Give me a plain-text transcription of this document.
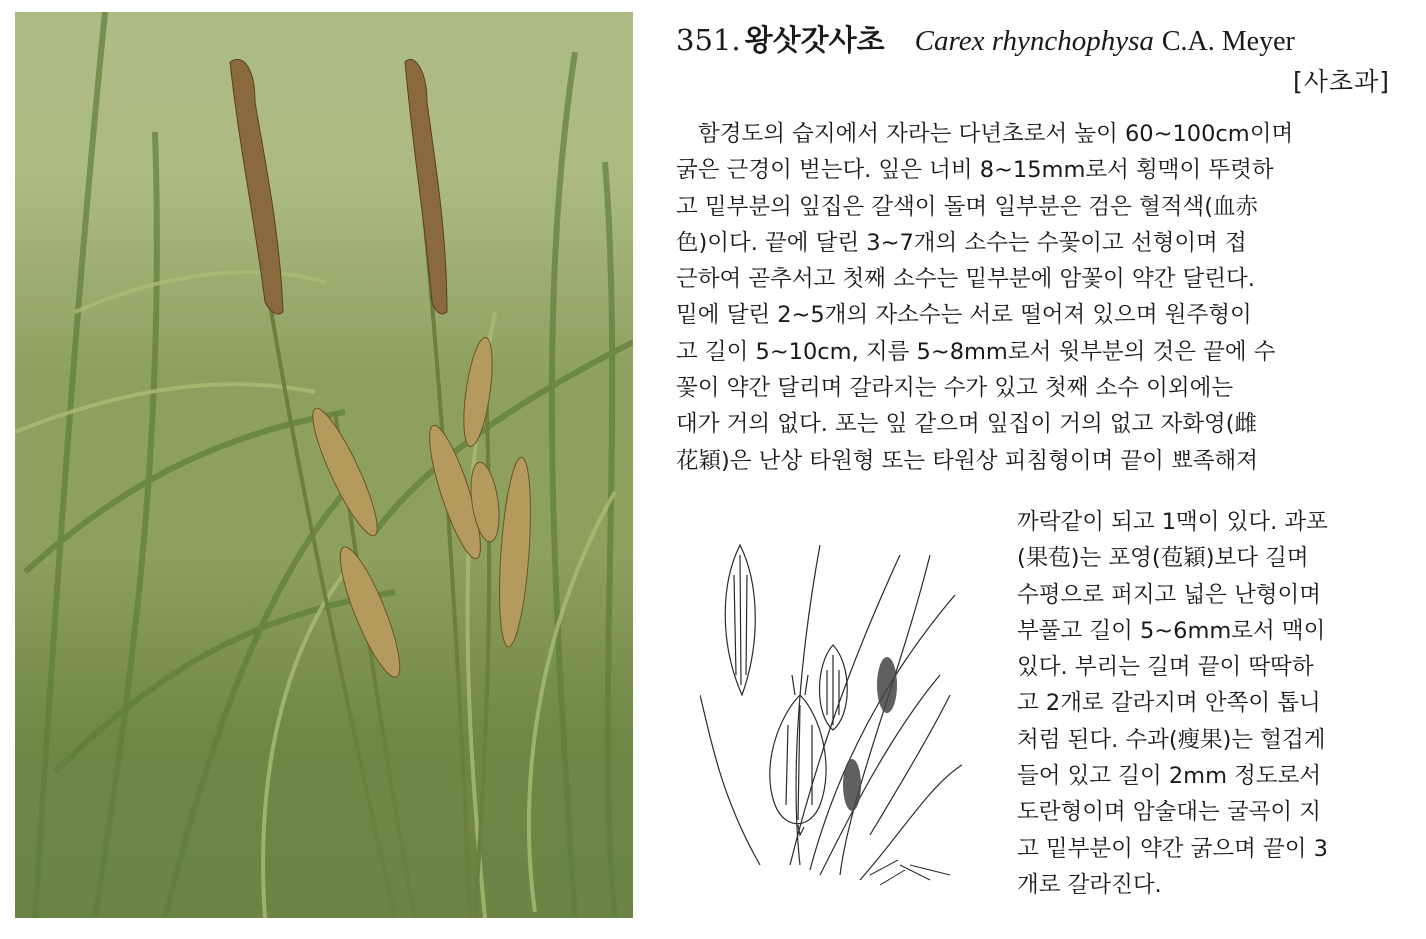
351. 왕삿갓사초 Carex rhynchophysa C.A. Meyer
[사초과]
함경도의 습지에서 자라는 다년초로서 높이 60~100cm이며
굵은 근경이 벋는다. 잎은 너비 8~15mm로서 횡맥이 뚜렷하
고 밑부분의 잎집은 갈색이 돌며 일부분은 검은 혈적색(血赤
色)이다. 끝에 달린 3~7개의 소수는 수꽃이고 선형이며 접
근하여 곧추서고 첫째 소수는 밑부분에 암꽃이 약간 달린다.
밑에 달린 2~5개의 자소수는 서로 떨어져 있으며 원주형이
고 길이 5~10cm, 지름 5~8mm로서 윗부분의 것은 끝에 수
꽃이 약간 달리며 갈라지는 수가 있고 첫째 소수 이외에는
대가 거의 없다. 포는 잎 같으며 잎집이 거의 없고 자화영(雌
花穎)은 난상 타원형 또는 타원상 피침형이며 끝이 뾰족해져
까락같이 되고 1맥이 있다. 과포
(果苞)는 포영(苞穎)보다 길며
수평으로 퍼지고 넓은 난형이며
부풀고 길이 5~6mm로서 맥이
있다. 부리는 길며 끝이 딱딱하
고 2개로 갈라지며 안쪽이 톱니
처럼 된다. 수과(瘦果)는 헐겁게
들어 있고 길이 2mm 정도로서
도란형이며 암술대는 굴곡이 지
고 밑부분이 약간 굵으며 끝이 3
개로 갈라진다.
